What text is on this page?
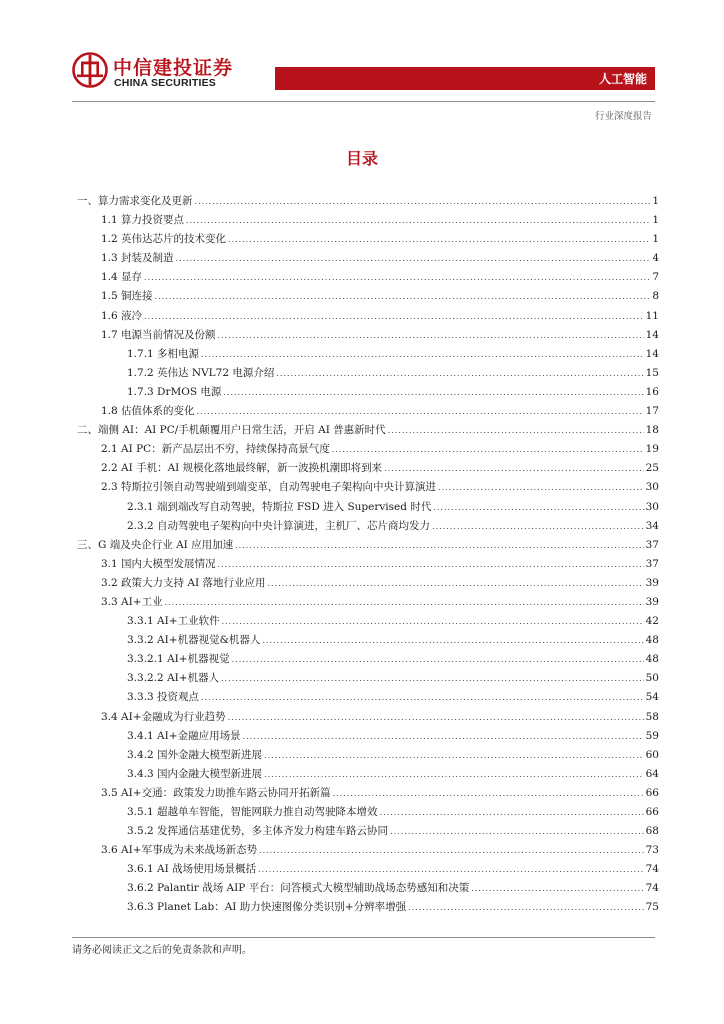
中信建投证券
CHINA SECURITIES	人工智能
行业深度报告
目录
一、算力需求变化及更新 .....	1
1.1 算力投资要点 .....	1
1.2 英伟达芯片的技术变化 .....	1
1.3 封装及制造 .....	4
1.4 显存 .....	7
1.5 铜连接 .....	8
1.6 液冷 .....	11
1.7 电源当前情况及份额 .....	14
1.7.1 多相电源 .....	14
1.7.2 英伟达 NVL72 电源介绍 .....	15
1.7.3 DrMOS 电源 .....	16
1.8 估值体系的变化 .....	17
二、端侧 AI：AI PC/手机颠覆用户日常生活，开启 AI 普惠新时代 .....	18
2.1 AI PC：新产品层出不穷，持续保持高景气度 .....	19
2.2 AI 手机：AI 规模化落地最终解，新一波换机潮即将到来 .....	25
2.3 特斯拉引领自动驾驶端到端变革，自动驾驶电子架构向中央计算演进 .....	30
2.3.1 端到端改写自动驾驶，特斯拉 FSD 进入 Supervised 时代 .....	30
2.3.2 自动驾驶电子架构向中央计算演进，主机厂、芯片商均发力 .....	34
三、G 端及央企行业 AI 应用加速 .....	37
3.1 国内大模型发展情况 .....	37
3.2 政策大力支持 AI 落地行业应用 .....	39
3.3 AI+工业 .....	39
3.3.1 AI+工业软件 .....	42
3.3.2 AI+机器视觉&机器人 .....	48
3.3.2.1 AI+机器视觉 .....	48
3.3.2.2 AI+机器人 .....	50
3.3.3 投资观点 .....	54
3.4 AI+金融成为行业趋势 .....	58
3.4.1 AI+金融应用场景 .....	59
3.4.2 国外金融大模型新进展 .....	60
3.4.3 国内金融大模型新进展 .....	64
3.5 AI+交通：政策发力助推车路云协同开拓新篇 .....	66
3.5.1 超越单车智能，智能网联力推自动驾驶降本增效 .....	66
3.5.2 发挥通信基建优势，多主体齐发力构建车路云协同 .....	68
3.6 AI+军事成为未来战场新态势 .....	73
3.6.1 AI 战场使用场景概括 .....	74
3.6.2 Palantir 战场 AIP 平台：问答模式大模型辅助战场态势感知和决策 .....	74
3.6.3 Planet Lab：AI 助力快速图像分类识别+分辨率增强 .....	75
请务必阅读正文之后的免责条款和声明。
